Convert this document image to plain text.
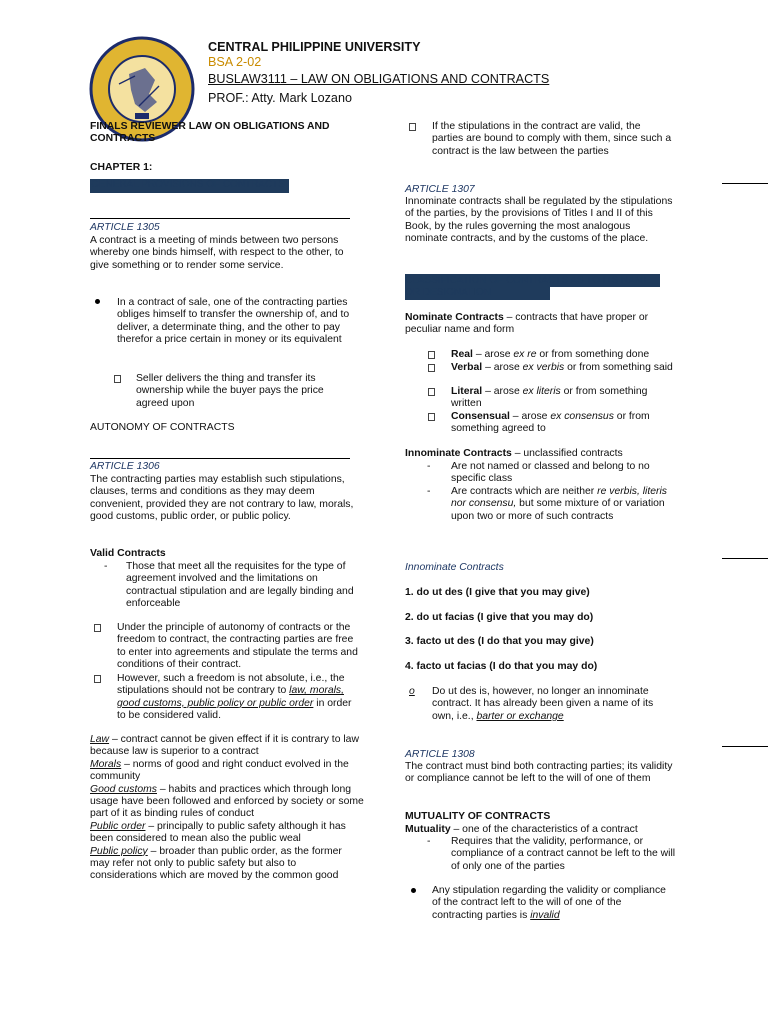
CENTRAL PHILIPPINE UNIVERSITY
BSA 2-02
BUSLAW3111 – LAW ON OBLIGATIONS AND CONTRACTS
PROF.: Atty. Mark Lozano
FINALS REVIEWER LAW ON OBLIGATIONS AND CONTRACTS
CHAPTER 1:
GENERAL PROVISIONS OF CONTRACTS
ARTICLE 1305
A contract is a meeting of minds between two persons whereby one binds himself, with respect to the other, to give something or to render some service.
In a contract of sale, one of the contracting parties obliges himself to transfer the ownership of, and to deliver, a determinate thing, and the other to pay therefor a price certain in money or its equivalent
Seller delivers the thing and transfer its ownership while the buyer pays the price agreed upon
AUTONOMY OF CONTRACTS
ARTICLE 1306
The contracting parties may establish such stipulations, clauses, terms and conditions as they may deem convenient, provided they are not contrary to law, morals, good customs, public order, or public policy.
Valid Contracts
- Those that meet all the requisites for the type of agreement involved and the limitations on contractual stipulation and are legally binding and enforceable
Under the principle of autonomy of contracts or the freedom to contract, the contracting parties are free to enter into agreements and stipulate the terms and conditions of their contract.
However, such a freedom is not absolute, i.e., the stipulations should not be contrary to law, morals, good customs, public policy or public order in order to be considered valid.
Law – contract cannot be given effect if it is contrary to law because law is superior to a contract
Morals – norms of good and right conduct evolved in the community
Good customs – habits and practices which through long usage have been followed and enforced by society or some part of it as binding rules of conduct
Public order – principally to public safety although it has been considered to mean also the public weal
Public policy – broader than public order, as the former may refer not only to public safety but also to considerations which are moved by the common good
If the stipulations in the contract are valid, the parties are bound to comply with them, since such a contract is the law between the parties
ARTICLE 1307
Innominate contracts shall be regulated by the stipulations of the parties, by the provisions of Titles I and II of this Book, by the rules governing the most analogous nominate contracts, and by the customs of the place.
CLASSIFICATION OF CONTRACTS AS TO ITS NAME OR DESIGNATION
Nominate Contracts – contracts that have proper or peculiar name and form
Real – arose ex re or from something done
Verbal – arose ex verbis or from something said
Literal – arose ex literis or from something written
Consensual – arose ex consensus or from something agreed to
Innominate Contracts – unclassified contracts
- Are not named or classed and belong to no specific class
- Are contracts which are neither re verbis, literis nor consensu, but some mixture of or variation upon two or more of such contracts
Innominate Contracts
1. do ut des (I give that you may give)
2. do ut facias (I give that you may do)
3. facto ut des (I do that you may give)
4. facto ut facias (I do that you may do)
o Do ut des is, however, no longer an innominate contract. It has already been given a name of its own, i.e., barter or exchange
ARTICLE 1308
The contract must bind both contracting parties; its validity or compliance cannot be left to the will of one of them
MUTUALITY OF CONTRACTS
Mutuality – one of the characteristics of a contract
- Requires that the validity, performance, or compliance of a contract cannot be left to the will of only one of the parties
Any stipulation regarding the validity or compliance of the contract left to the will of one of the contracting parties is invalid
